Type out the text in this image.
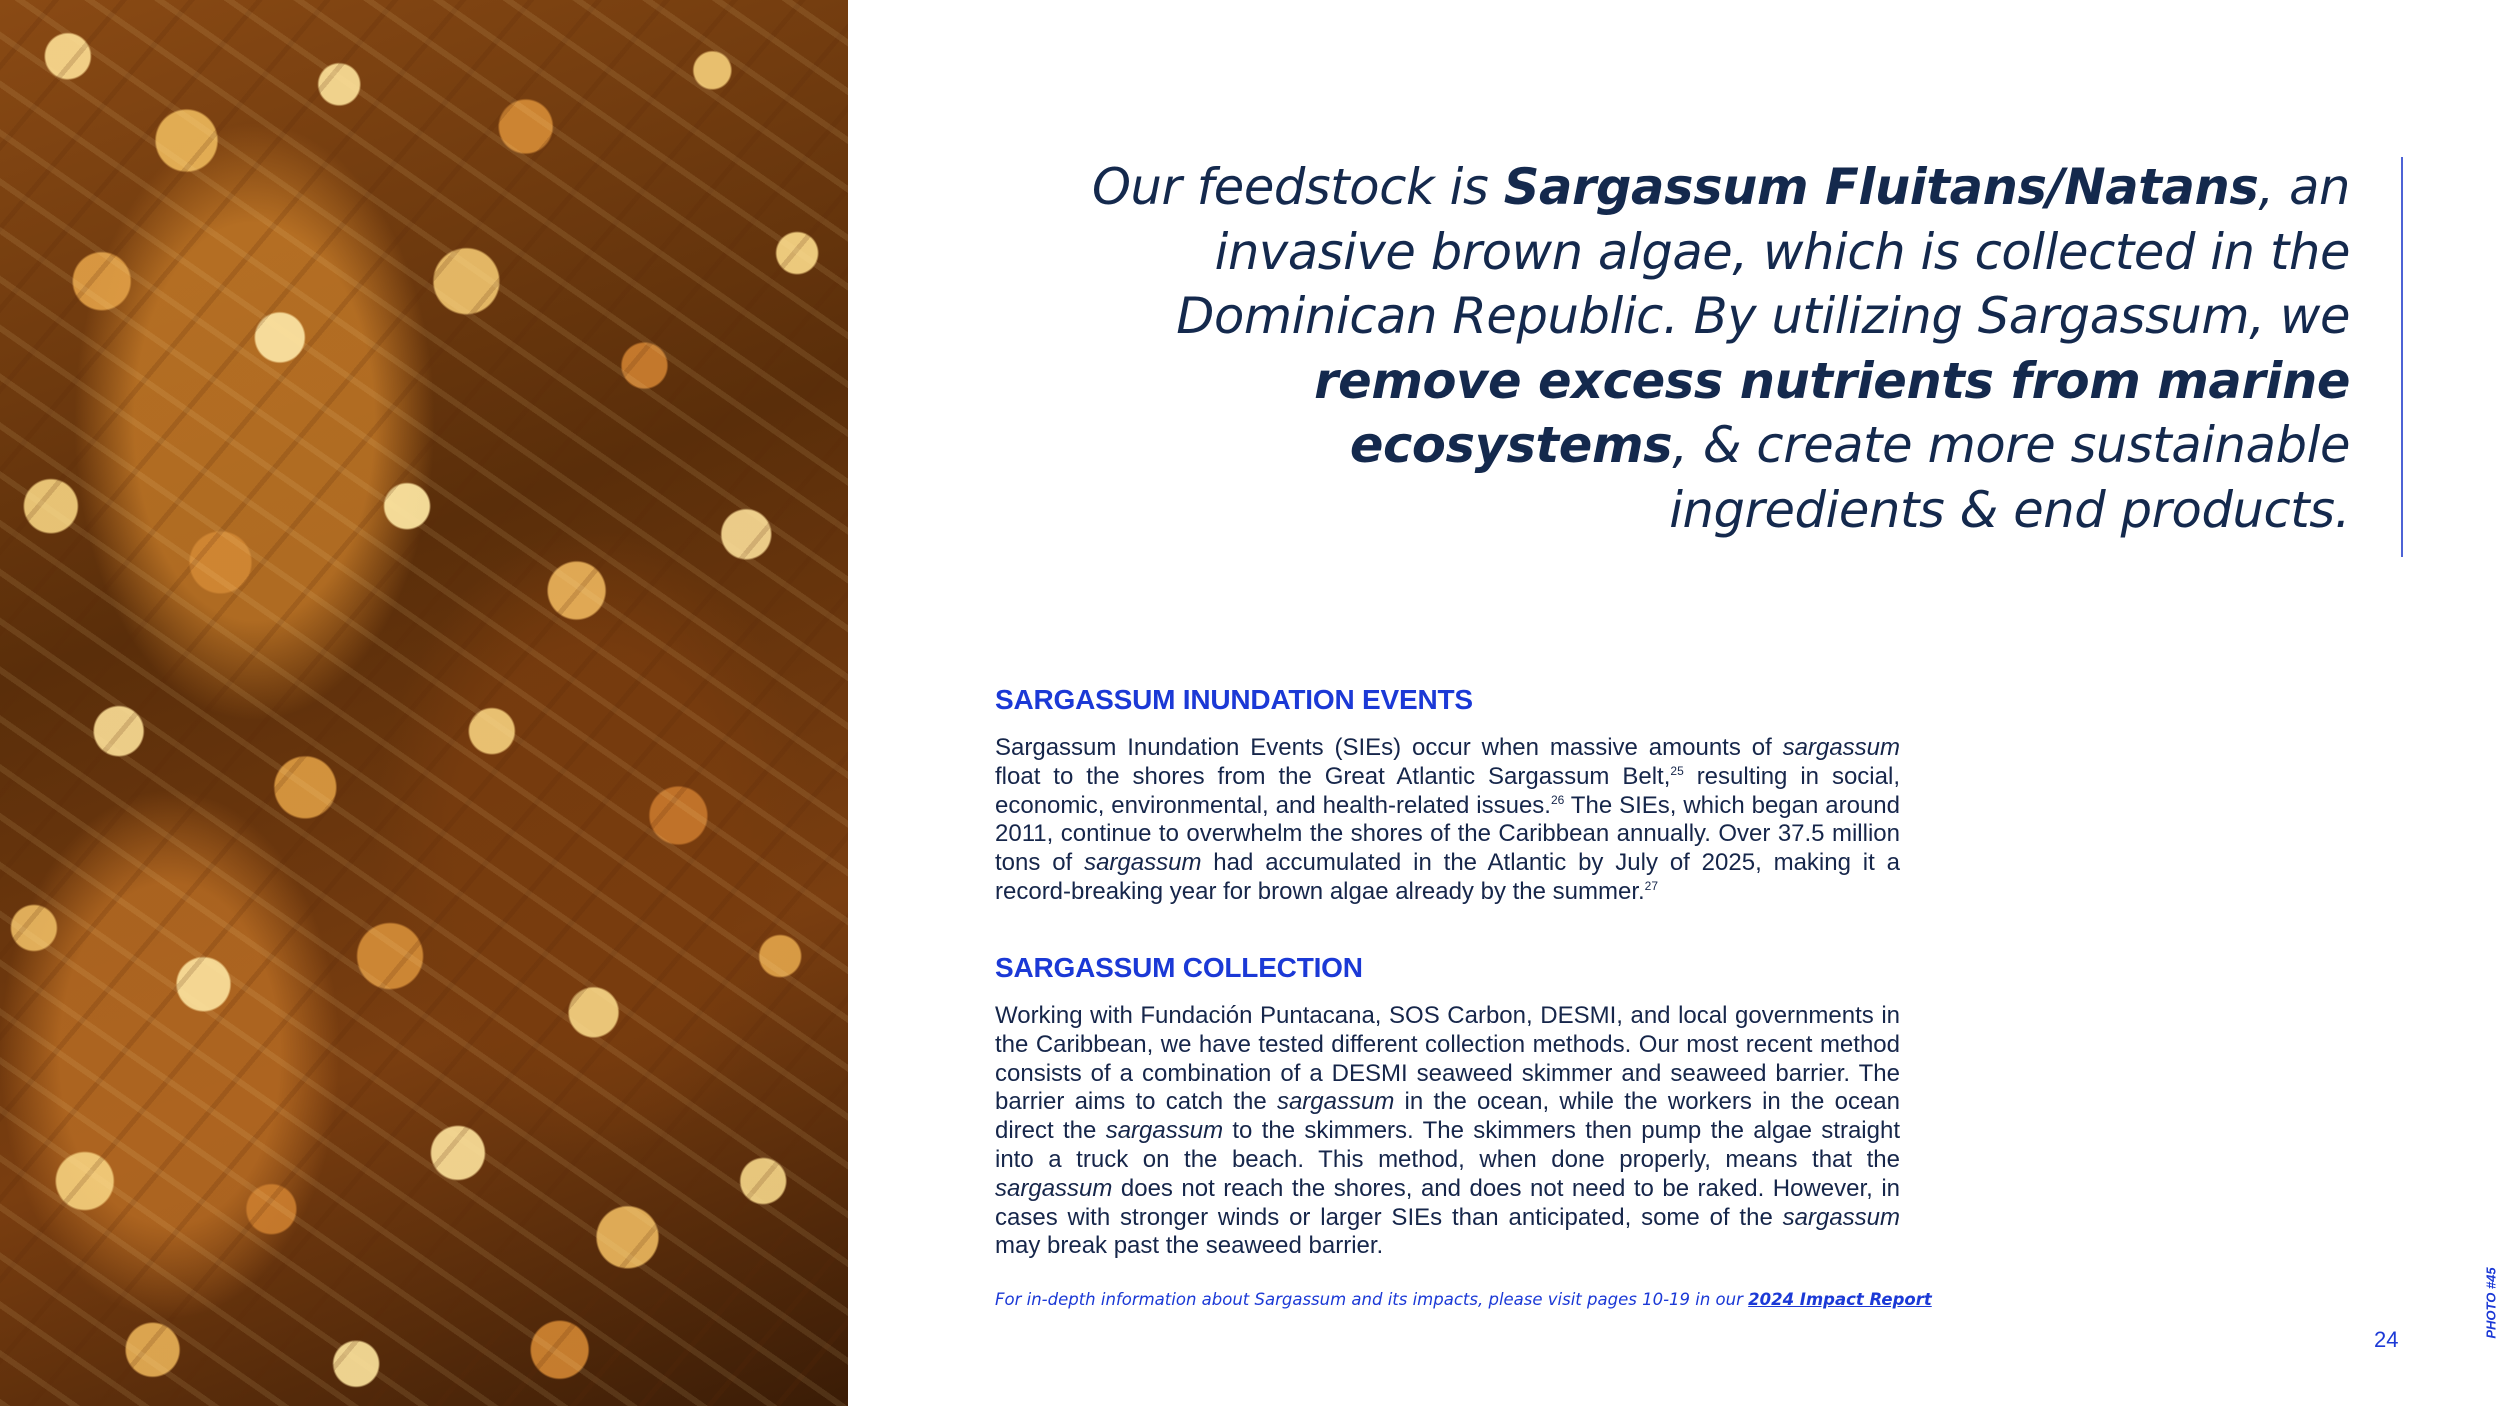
Our feedstock is Sargassum Fluitans/Natans, an invasive brown algae, which is collected in the Dominican Republic. By utilizing Sargassum, we remove excess nutrients from marine ecosystems, & create more sustainable ingredients & end products.

SARGASSUM INUNDATION EVENTS

Sargassum Inundation Events (SIEs) occur when massive amounts of sargassum float to the shores from the Great Atlantic Sargassum Belt,$^{25}$ resulting in social, economic, environmental, and health-related issues.$^{26}$ The SIEs, which began around 2011, continue to overwhelm the shores of the Caribbean annually. Over 37.5 million tons of sargassum had accumulated in the Atlantic by July of 2025, making it a record-breaking year for brown algae already by the summer.$^{27}$

SARGASSUM COLLECTION

Working with Fundación Puntacana, SOS Carbon, DESMI, and local governments in the Caribbean, we have tested different collection methods. Our most recent method consists of a combination of a DESMI seaweed skimmer and seaweed barrier. The barrier aims to catch the sargassum in the ocean, while the workers in the ocean direct the sargassum to the skimmers. The skimmers then pump the algae straight into a truck on the beach. This method, when done properly, means that the sargassum does not reach the shores, and does not need to be raked. However, in cases with stronger winds or larger SIEs than anticipated, some of the sargassum may break past the seaweed barrier.

For in-depth information about Sargassum and its impacts, please visit pages 10-19 in our 2024 Impact Report

24
PHOTO #45
